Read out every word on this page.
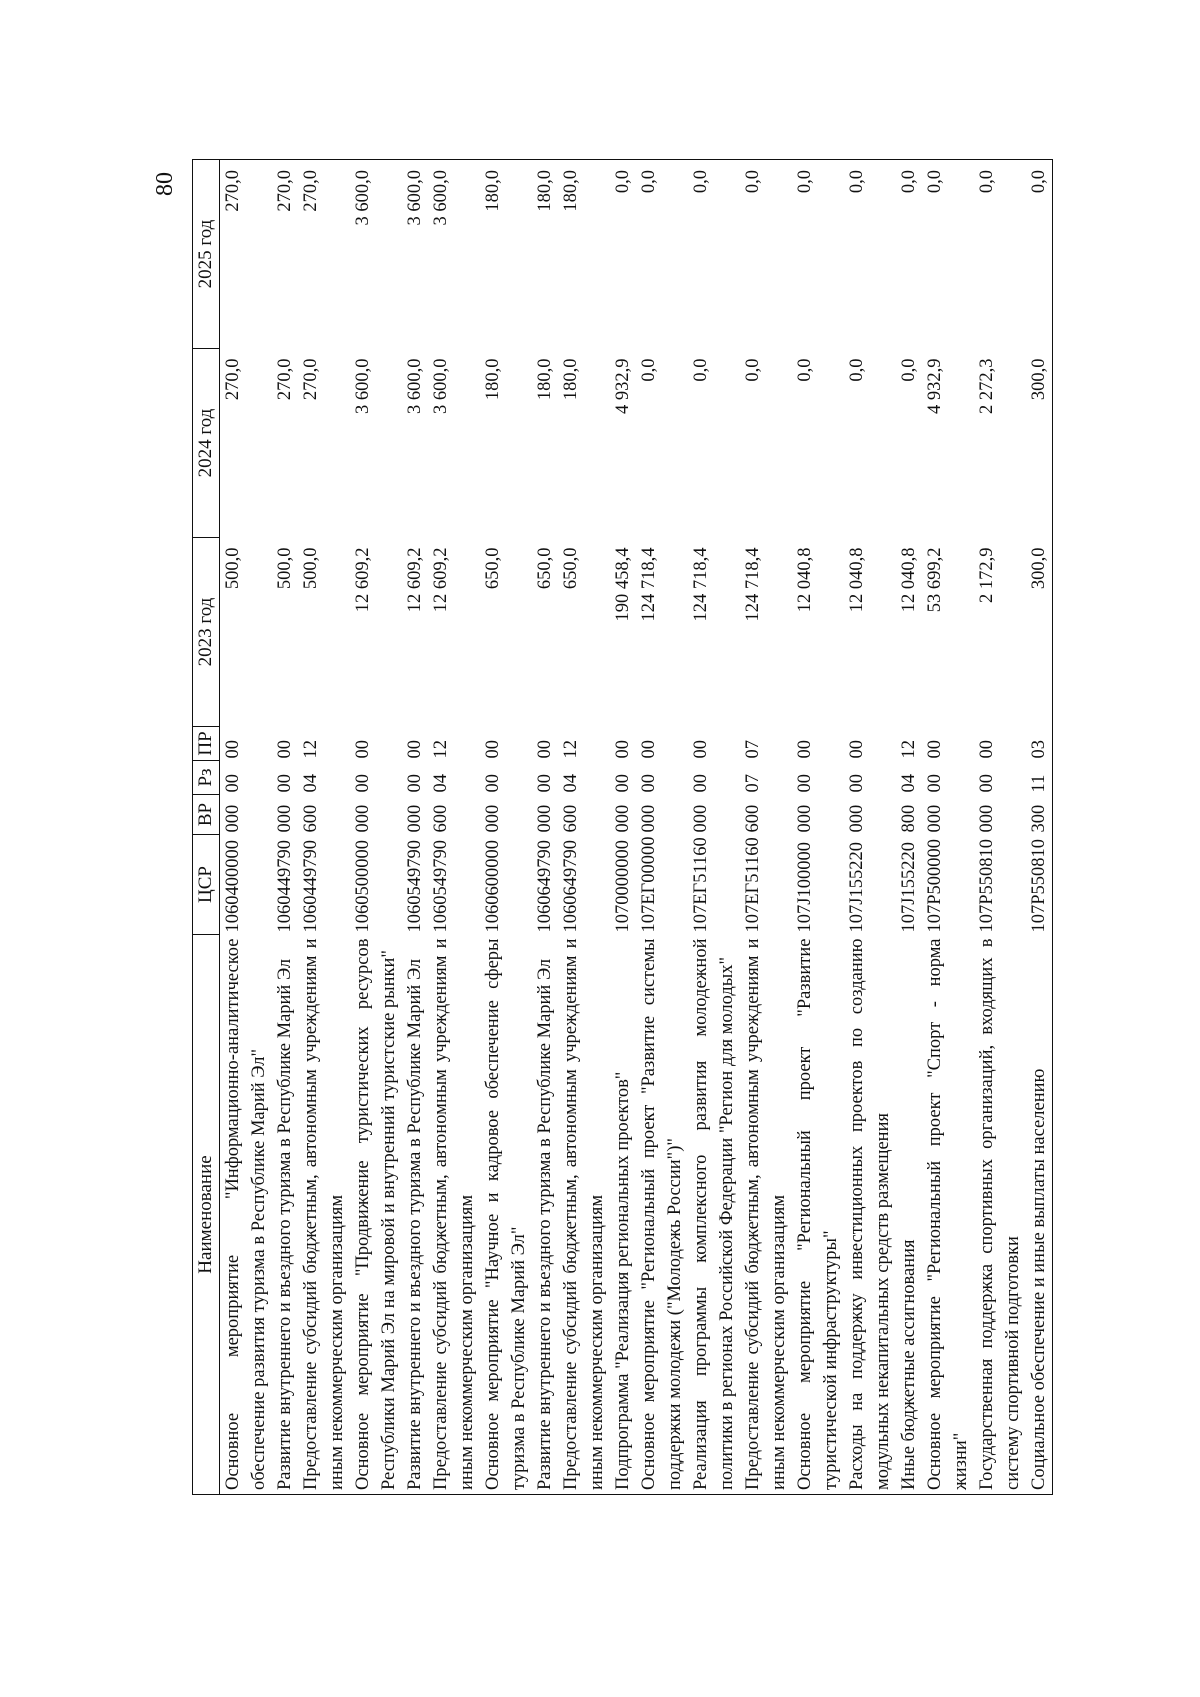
80
Наименование	ЦСР	ВР	Рз	ПР	2023 год	2024 год	2025 год
Основное мероприятие "Информационно-аналитическое обеспечение развития туризма в Республике Марий Эл"	1060400000	000	00	00	500,0	270,0	270,0
Развитие внутреннего и въездного туризма в Республике Марий Эл	1060449790	000	00	00	500,0	270,0	270,0
Предоставление субсидий бюджетным, автономным учреждениям и иным некоммерческим организациям	1060449790	600	04	12	500,0	270,0	270,0
Основное мероприятие "Продвижение туристических ресурсов Республики Марий Эл на мировой и внутренний туристские рынки"	1060500000	000	00	00	12 609,2	3 600,0	3 600,0
Развитие внутреннего и въездного туризма в Республике Марий Эл	1060549790	000	00	00	12 609,2	3 600,0	3 600,0
Предоставление субсидий бюджетным, автономным учреждениям и иным некоммерческим организациям	1060549790	600	04	12	12 609,2	3 600,0	3 600,0
Основное мероприятие "Научное и кадровое обеспечение сферы туризма в Республике Марий Эл"	1060600000	000	00	00	650,0	180,0	180,0
Развитие внутреннего и въездного туризма в Республике Марий Эл	1060649790	000	00	00	650,0	180,0	180,0
Предоставление субсидий бюджетным, автономным учреждениям и иным некоммерческим организациям	1060649790	600	04	12	650,0	180,0	180,0
Подпрограмма "Реализация региональных проектов"	1070000000	000	00	00	190 458,4	4 932,9	0,0
Основное мероприятие "Региональный проект "Развитие системы поддержки молодежи ("Молодежь России")"	107ЕГ00000	000	00	00	124 718,4	0,0	0,0
Реализация программы комплексного развития молодежной политики в регионах Российской Федерации "Регион для молодых"	107ЕГ51160	000	00	00	124 718,4	0,0	0,0
Предоставление субсидий бюджетным, автономным учреждениям и иным некоммерческим организациям	107ЕГ51160	600	07	07	124 718,4	0,0	0,0
Основное мероприятие "Региональный проект "Развитие туристической инфраструктуры"	107J100000	000	00	00	12 040,8	0,0	0,0
Расходы на поддержку инвестиционных проектов по созданию модульных некапитальных средств размещения	107J155220	000	00	00	12 040,8	0,0	0,0
Иные бюджетные ассигнования	107J155220	800	04	12	12 040,8	0,0	0,0
Основное мероприятие "Региональный проект "Спорт - норма жизни"	107P500000	000	00	00	53 699,2	4 932,9	0,0
Государственная поддержка спортивных организаций, входящих в систему спортивной подготовки	107P550810	000	00	00	2 172,9	2 272,3	0,0
Социальное обеспечение и иные выплаты населению	107P550810	300	11	03	300,0	300,0	0,0
